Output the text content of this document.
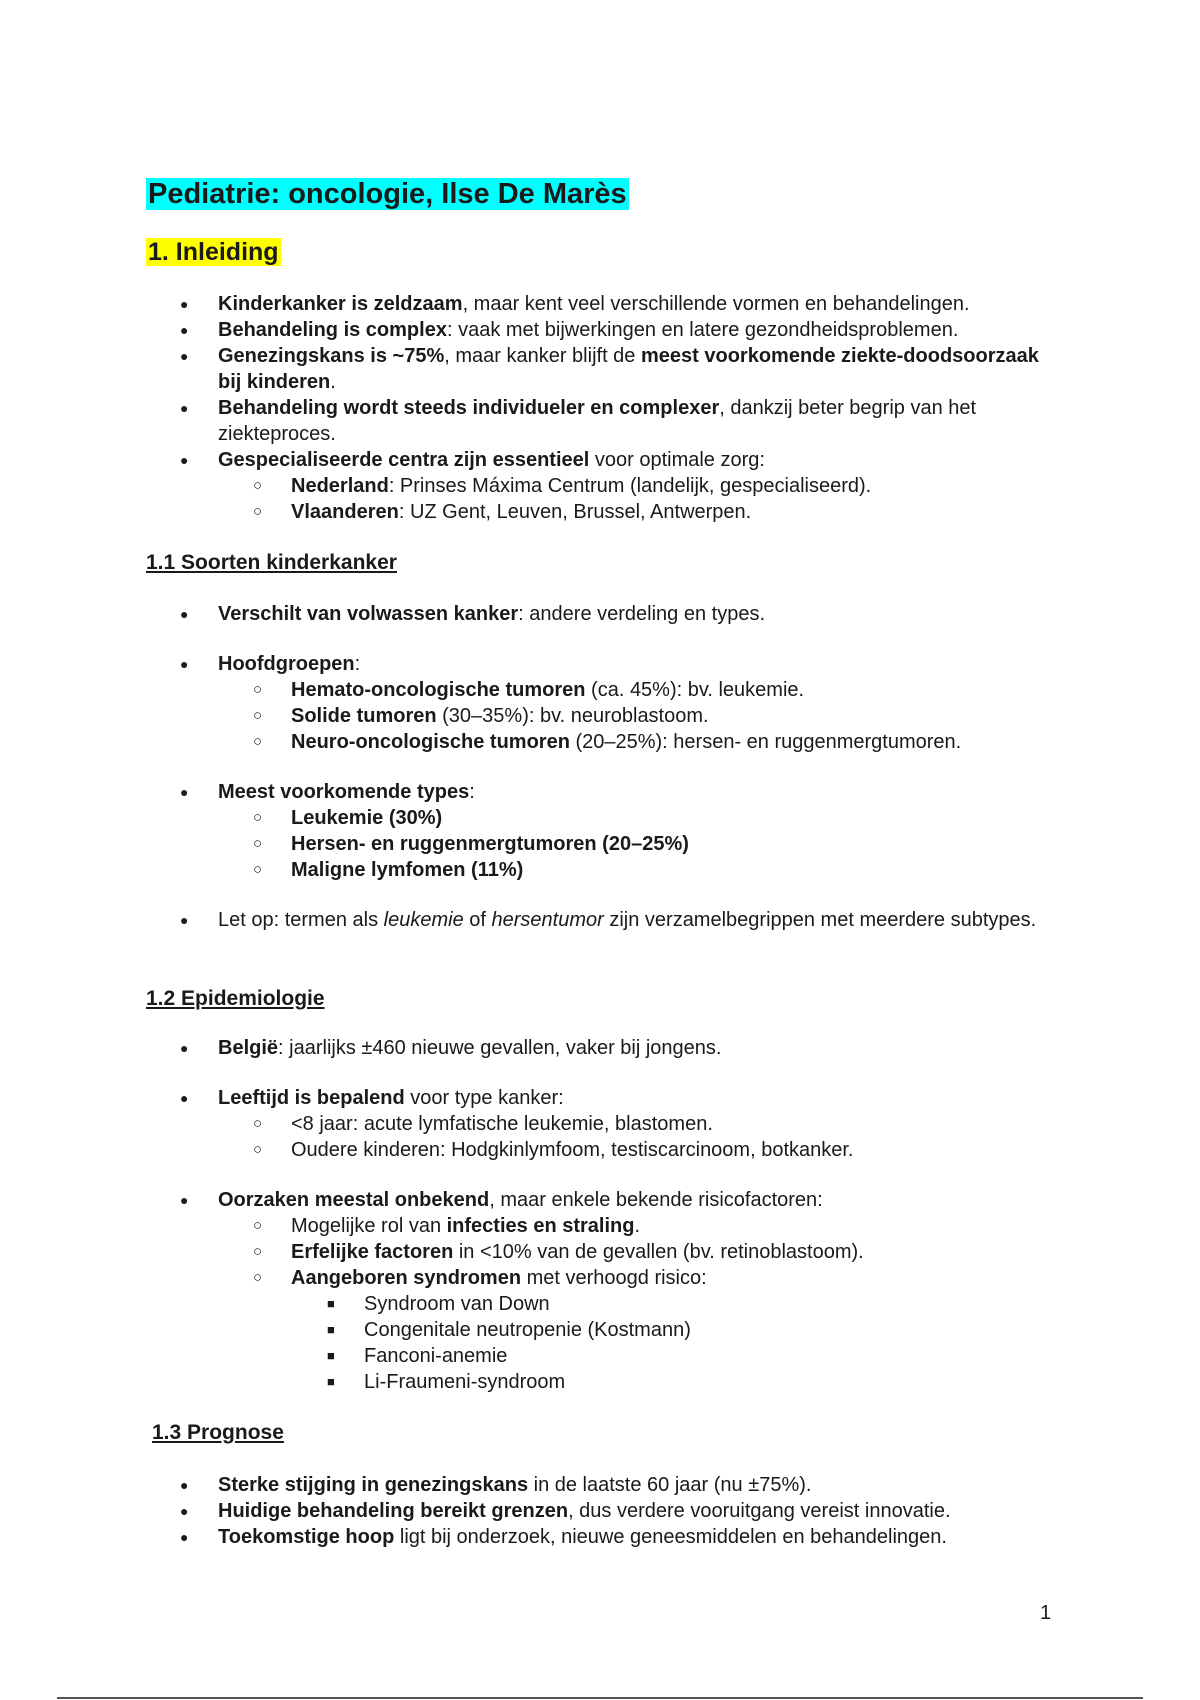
Pediatrie: oncologie, Ilse De Marès
1. Inleiding
● Kinderkanker is zeldzaam, maar kent veel verschillende vormen en behandelingen.
● Behandeling is complex: vaak met bijwerkingen en latere gezondheidsproblemen.
● Genezingskans is ~75%, maar kanker blijft de meest voorkomende ziekte-doodsoorzaak bij kinderen.
● Behandeling wordt steeds individueler en complexer, dankzij beter begrip van het ziekteproces.
● Gespecialiseerde centra zijn essentieel voor optimale zorg:
○ Nederland: Prinses Máxima Centrum (landelijk, gespecialiseerd).
○ Vlaanderen: UZ Gent, Leuven, Brussel, Antwerpen.
1.1 Soorten kinderkanker
● Verschilt van volwassen kanker: andere verdeling en types.
● Hoofdgroepen:
○ Hemato-oncologische tumoren (ca. 45%): bv. leukemie.
○ Solide tumoren (30–35%): bv. neuroblastoom.
○ Neuro-oncologische tumoren (20–25%): hersen- en ruggenmergtumoren.
● Meest voorkomende types:
○ Leukemie (30%)
○ Hersen- en ruggenmergtumoren (20–25%)
○ Maligne lymfomen (11%)
● Let op: termen als leukemie of hersentumor zijn verzamelbegrippen met meerdere subtypes.
1.2 Epidemiologie
● België: jaarlijks ±460 nieuwe gevallen, vaker bij jongens.
● Leeftijd is bepalend voor type kanker:
○ <8 jaar: acute lymfatische leukemie, blastomen.
○ Oudere kinderen: Hodgkinlymfoom, testiscarcinoom, botkanker.
● Oorzaken meestal onbekend, maar enkele bekende risicofactoren:
○ Mogelijke rol van infecties en straling.
○ Erfelijke factoren in <10% van de gevallen (bv. retinoblastoom).
○ Aangeboren syndromen met verhoogd risico:
■ Syndroom van Down
■ Congenitale neutropenie (Kostmann)
■ Fanconi-anemie
■ Li-Fraumeni-syndroom
1.3 Prognose
● Sterke stijging in genezingskans in de laatste 60 jaar (nu ±75%).
● Huidige behandeling bereikt grenzen, dus verdere vooruitgang vereist innovatie.
● Toekomstige hoop ligt bij onderzoek, nieuwe geneesmiddelen en behandelingen.
1
